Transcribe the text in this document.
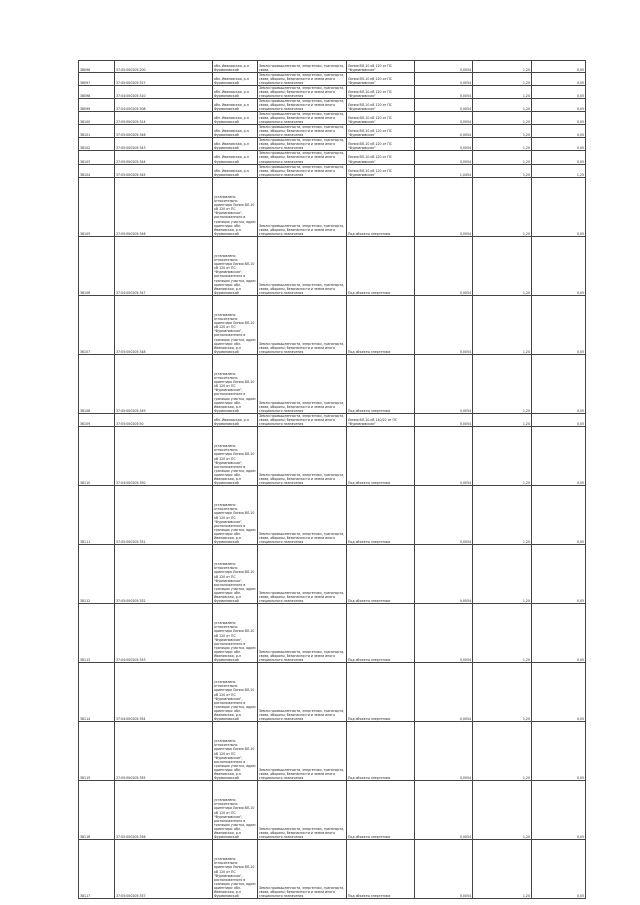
38096	37:05:000205:200	обл. Ивановская, р-н Фурмановский	Земли промышленности, энергетики, транспорта, связи, ...	Линия ВЛ-10 кВ 120 от ПС "Фурмановская"	0,0054	1,20	0,05

38097	37:05:000205:327	обл. Ивановская, р-н Фурмановский	Земли промышленности, энергетики, транспорта, связи, обороны, безопасности и земли иного специального назначения	Линия ВЛ-10 кВ 120 от ПС "Фурмановская"	0,0054	1,20	0,05

38098	37:04:000205:310	обл. Ивановская, р-н Фурмановский	Земли промышленности, энергетики, транспорта, связи, обороны, безопасности и земли иного специального назначения	Линия ВЛ-10 кВ 120 от ПС "Фурмановская"	0,0054	1,20	0,05

38099	37:04:000205:308	обл. Ивановская, р-н Фурмановский	Земли промышленности, энергетики, транспорта, связи, обороны, безопасности и земли иного специального назначения	Линия ВЛ-10 кВ 120 от ПС "Фурмановская"	0,0054	1,20	0,05

38100	37:05:000205:314	обл. Ивановская, р-н Фурмановский	Земли промышленности, энергетики, транспорта, связи, обороны, безопасности и земли иного специального назначения	Линия ВЛ-10 кВ 120 от ПС "Фурмановская"	0,0054	1,20	0,05

38101	37:05:000205:346	обл. Ивановская, р-н Фурмановский	Земли промышленности, энергетики, транспорта, связи, обороны, безопасности и земли иного специального назначения	Линия ВЛ-10 кВ 120 от ПС "Фурмановская"	0,0054	1,20	0,05

38102	37:05:000205:343	обл. Ивановская, р-н Фурмановский	Земли промышленности, энергетики, транспорта, связи, обороны, безопасности и земли иного специального назначения	Линия ВЛ-10 кВ 120 от ПС "Фурмановская"	0,0054	1,20	0,05

38103	37:05:000205:344	обл. Ивановская, р-н Фурмановский	Земли промышленности, энергетики, транспорта, связи, обороны, безопасности и земли иного специального назначения	Линия ВЛ-10 кВ 120 от ПС "Фурмановская"	0,0054	1,20	0,05

38104	37:05:000205:345	обл. Ивановская, р-н Фурмановский	Земли промышленности, энергетики, транспорта, связи, обороны, безопасности и земли иного специального назначения	Линия ВЛ-10 кВ 120 от ПС "Фурмановская"	1,0454	1,20	1,25

38105	37:05:000205:346	установлено относительно ориентира Линия ВЛ-10 кВ 120 от ПС "Фурмановская", расположенного в границах участка, адрес ориентира: обл. Ивановская, р-н Фурмановский	Земли промышленности, энергетики, транспорта, связи, обороны, безопасности и земли иного специального назначения	Под объекты энергетики	0,0054	1,20	0,05

38106	37:04:000205:347	установлено относительно ориентира Линия ВЛ-10 кВ 120 от ПС "Фурмановская", расположенного в границах участка, адрес ориентира: обл. Ивановская, р-н Фурмановский	Земли промышленности, энергетики, транспорта, связи, обороны, безопасности и земли иного специального назначения	Под объекты энергетики	0,0054	1,20	0,05

38107	37:05:000205:348	установлено относительно ориентира Линия ВЛ-10 кВ 120 от ПС "Фурмановская", расположенного в границах участка, адрес ориентира: обл. Ивановская, р-н Фурмановский	Земли промышленности, энергетики, транспорта, связи, обороны, безопасности и земли иного специального назначения	Под объекты энергетики	0,0054	1,20	0,05

38108	37:05:000205:349	установлено относительно ориентира Линия ВЛ-10 кВ 120 от ПС "Фурмановская", расположенного в границах участка, адрес ориентира: обл. Ивановская, р-н Фурмановский	Земли промышленности, энергетики, транспорта, связи, обороны, безопасности и земли иного специального назначения	Под объекты энергетики	0,0054	1,20	0,05

38109	37:05:000205:50	обл. Ивановская, р-н Фурмановский	Земли промышленности, энергетики, транспорта, связи, обороны, безопасности и земли иного специального назначения	Линия ВЛ-10 кВ 140/22 от ПС "Фурмановская"	0,0054	1,20	0,05

38110	37:04:000205:350	установлено относительно ориентира Линия ВЛ-10 кВ 120 от ПС "Фурмановская", расположенного в границах участка, адрес ориентира: обл. Ивановская, р-н Фурмановский	Земли промышленности, энергетики, транспорта, связи, обороны, безопасности и земли иного специального назначения	Под объекты энергетики	0,0054	1,20	0,05

38111	37:05:000205:351	установлено относительно ориентира Линия ВЛ-10 кВ 120 от ПС "Фурмановская", расположенного в границах участка, адрес ориентира: обл. Ивановская, р-н Фурмановский	Земли промышленности, энергетики, транспорта, связи, обороны, безопасности и земли иного специального назначения	Под объекты энергетики	0,0054	1,20	0,05

38112	37:05:000205:352	установлено относительно ориентира Линия ВЛ-10 кВ 120 от ПС "Фурмановская", расположенного в границах участка, адрес ориентира: обл. Ивановская, р-н Фурмановский	Земли промышленности, энергетики, транспорта, связи, обороны, безопасности и земли иного специального назначения	Под объекты энергетики	0,0054	1,20	0,05

38113	37:04:000205:353	установлено относительно ориентира Линия ВЛ-10 кВ 120 от ПС "Фурмановская", расположенного в границах участка, адрес ориентира: обл. Ивановская, р-н Фурмановский	Земли промышленности, энергетики, транспорта, связи, обороны, безопасности и земли иного специального назначения	Под объекты энергетики	0,0054	1,20	0,05

38114	37:04:000205:354	установлено относительно ориентира Линия ВЛ-10 кВ 120 от ПС "Фурмановская", расположенного в границах участка, адрес ориентира: обл. Ивановская, р-н Фурмановский	Земли промышленности, энергетики, транспорта, связи, обороны, безопасности и земли иного специального назначения	Под объекты энергетики	0,0054	1,20	0,05

38115	37:05:000205:355	установлено относительно ориентира Линия ВЛ-10 кВ 120 от ПС "Фурмановская", расположенного в границах участка, адрес ориентира: обл. Ивановская, р-н Фурмановский	Земли промышленности, энергетики, транспорта, связи, обороны, безопасности и земли иного специального назначения	Под объекты энергетики	0,0054	1,20	0,05

38116	37:05:000205:356	установлено относительно ориентира Линия ВЛ-10 кВ 120 от ПС "Фурмановская", расположенного в границах участка, адрес ориентира: обл. Ивановская, р-н Фурмановский	Земли промышленности, энергетики, транспорта, связи, обороны, безопасности и земли иного специального назначения	Под объекты энергетики	0,0054	1,20	0,05

38117	37:05:000205:357	установлено относительно ориентира Линия ВЛ-10 кВ 120 от ПС "Фурмановская", расположенного в границах участка, адрес ориентира: обл. Ивановская, р-н Фурмановский	Земли промышленности, энергетики, транспорта, связи, обороны, безопасности и земли иного специального назначения	Под объекты энергетики	0,0054	1,20	0,05
